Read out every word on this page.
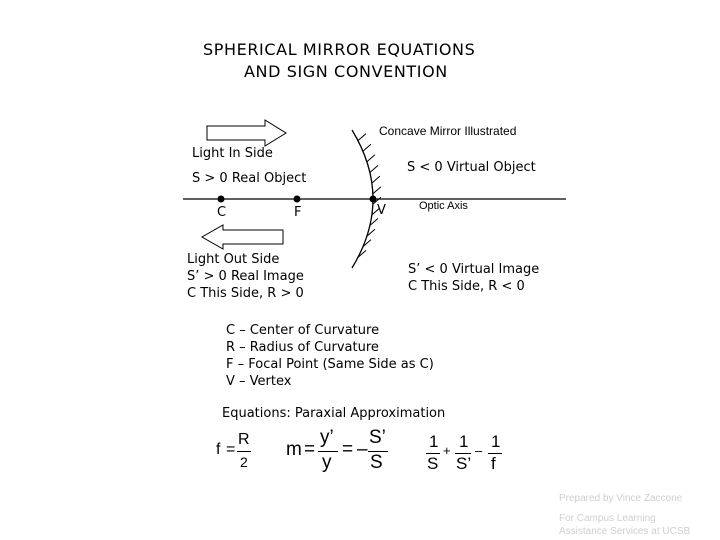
SPHERICAL MIRROR EQUATIONS
AND SIGN CONVENTION
Concave Mirror Illustrated
Light In Side
S > 0 Real Object
S < 0 Virtual Object
C	F	V	Optic Axis
Light Out Side
S’ > 0 Real Image
C This Side, R > 0
S’ < 0 Virtual Image
C This Side, R < 0
C – Center of Curvature
R – Radius of Curvature
F – Focal Point (Same Side as C)
V – Vertex
Equations: Paraxial Approximation
f =
R
2
m =
y’
y
= –
S’
S
1
S
+ 1
S’
– 1
f
Prepared by Vince Zaccone
For Campus Learning
Assistance Services at UCSB
